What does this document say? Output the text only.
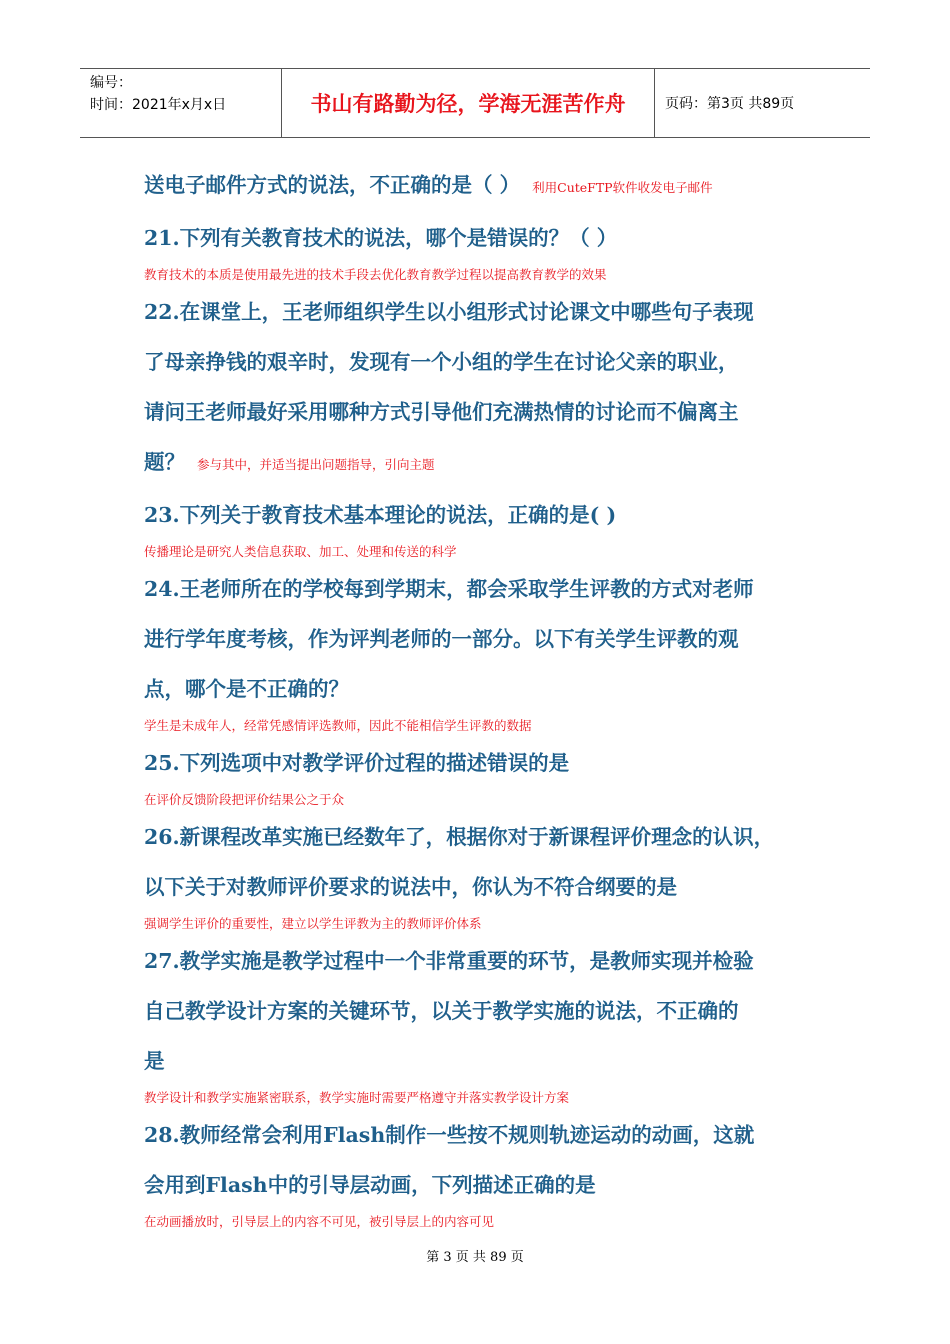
编号：
时间：2021年x月x日	书山有路勤为径，学海无涯苦作舟	页码：第3页 共89页

送电子邮件方式的说法，不正确的是（ ） 利用CuteFTP软件收发电子邮件

21.下列有关教育技术的说法，哪个是错误的？（ ）

教育技术的本质是使用最先进的技术手段去优化教育教学过程以提高教育教学的效果

22.在课堂上，王老师组织学生以小组形式讨论课文中哪些句子表现

了母亲挣钱的艰辛时，发现有一个小组的学生在讨论父亲的职业，

请问王老师最好采用哪种方式引导他们充满热情的讨论而不偏离主

题？ 参与其中，并适当提出问题指导，引向主题

23.下列关于教育技术基本理论的说法，正确的是( )

传播理论是研究人类信息获取、加工、处理和传送的科学

24.王老师所在的学校每到学期末，都会采取学生评教的方式对老师

进行学年度考核，作为评判老师的一部分。以下有关学生评教的观

点，哪个是不正确的？

学生是未成年人，经常凭感情评选教师，因此不能相信学生评教的数据

25.下列选项中对教学评价过程的描述错误的是

在评价反馈阶段把评价结果公之于众

26.新课程改革实施已经数年了，根据你对于新课程评价理念的认识，

以下关于对教师评价要求的说法中，你认为不符合纲要的是

强调学生评价的重要性，建立以学生评教为主的教师评价体系

27.教学实施是教学过程中一个非常重要的环节，是教师实现并检验

自己教学设计方案的关键环节，以关于教学实施的说法，不正确的

是

教学设计和教学实施紧密联系，教学实施时需要严格遵守并落实教学设计方案

28.教师经常会利用Flash制作一些按不规则轨迹运动的动画，这就

会用到Flash中的引导层动画，下列描述正确的是

在动画播放时，引导层上的内容不可见，被引导层上的内容可见

第 3 页 共 89 页
